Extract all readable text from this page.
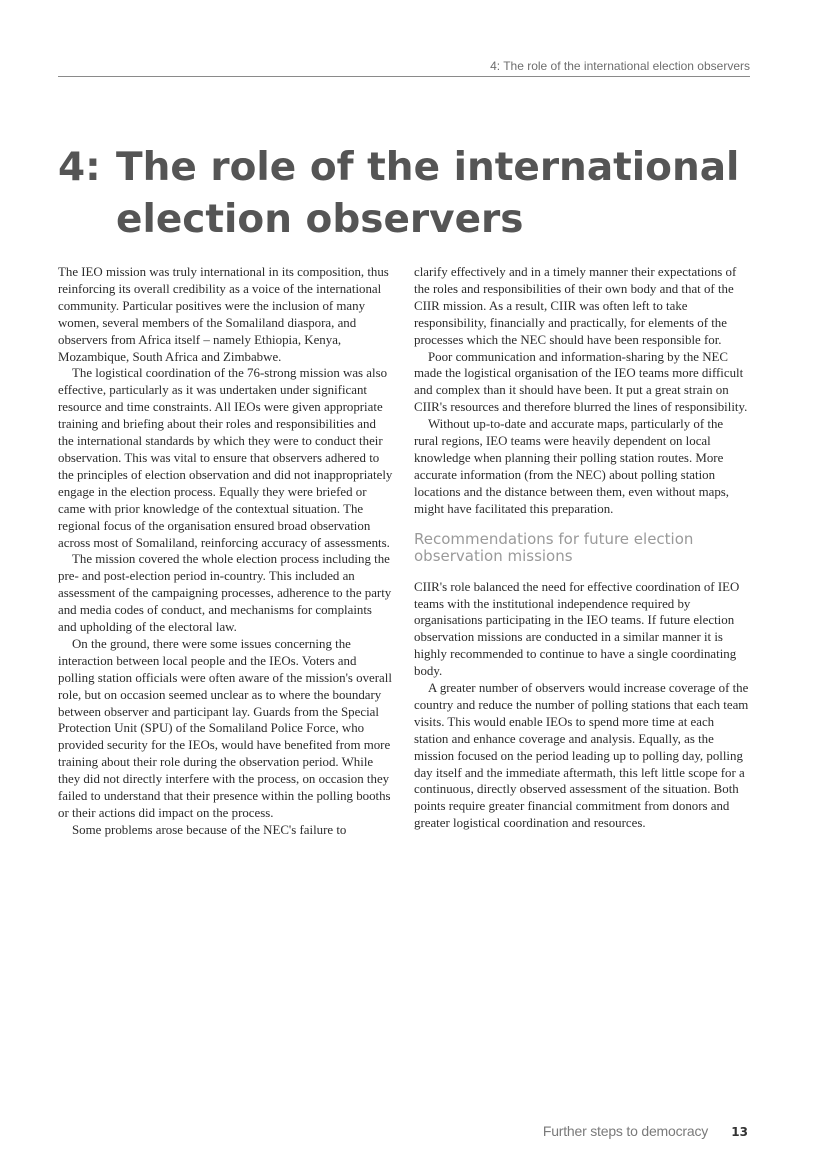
4: The role of the international election observers
4: The role of the international
election observers

The IEO mission was truly international in its composition, thus reinforcing its overall credibility as a voice of the international community. Particular positives were the inclusion of many women, several members of the Somaliland diaspora, and observers from Africa itself – namely Ethiopia, Kenya, Mozambique, South Africa and Zimbabwe.

The logistical coordination of the 76-strong mission was also effective, particularly as it was undertaken under significant resource and time constraints. All IEOs were given appropriate training and briefing about their roles and responsibilities and the international standards by which they were to conduct their observation. This was vital to ensure that observers adhered to the principles of election observation and did not inappropriately engage in the election process. Equally they were briefed or came with prior knowledge of the contextual situation. The regional focus of the organisation ensured broad observation across most of Somaliland, reinforcing accuracy of assessments.

The mission covered the whole election process including the pre- and post-election period in-country. This included an assessment of the campaigning processes, adherence to the party and media codes of conduct, and mechanisms for complaints and upholding of the electoral law.

On the ground, there were some issues concerning the interaction between local people and the IEOs. Voters and polling station officials were often aware of the mission's overall role, but on occasion seemed unclear as to where the boundary between observer and participant lay. Guards from the Special Protection Unit (SPU) of the Somaliland Police Force, who provided security for the IEOs, would have benefited from more training about their role during the observation period. While they did not directly interfere with the process, on occasion they failed to understand that their presence within the polling booths or their actions did impact on the process.

Some problems arose because of the NEC's failure to

clarify effectively and in a timely manner their expectations of the roles and responsibilities of their own body and that of the CIIR mission. As a result, CIIR was often left to take responsibility, financially and practically, for elements of the processes which the NEC should have been responsible for.

Poor communication and information-sharing by the NEC made the logistical organisation of the IEO teams more difficult and complex than it should have been. It put a great strain on CIIR's resources and therefore blurred the lines of responsibility.

Without up-to-date and accurate maps, particularly of the rural regions, IEO teams were heavily dependent on local knowledge when planning their polling station routes. More accurate information (from the NEC) about polling station locations and the distance between them, even without maps, might have facilitated this preparation.

Recommendations for future election observation missions

CIIR's role balanced the need for effective coordination of IEO teams with the institutional independence required by organisations participating in the IEO teams. If future election observation missions are conducted in a similar manner it is highly recommended to continue to have a single coordinating body.

A greater number of observers would increase coverage of the country and reduce the number of polling stations that each team visits. This would enable IEOs to spend more time at each station and enhance coverage and analysis. Equally, as the mission focused on the period leading up to polling day, polling day itself and the immediate aftermath, this left little scope for a continuous, directly observed assessment of the situation. Both points require greater financial commitment from donors and greater logistical coordination and resources.

Further steps to democracy 13
